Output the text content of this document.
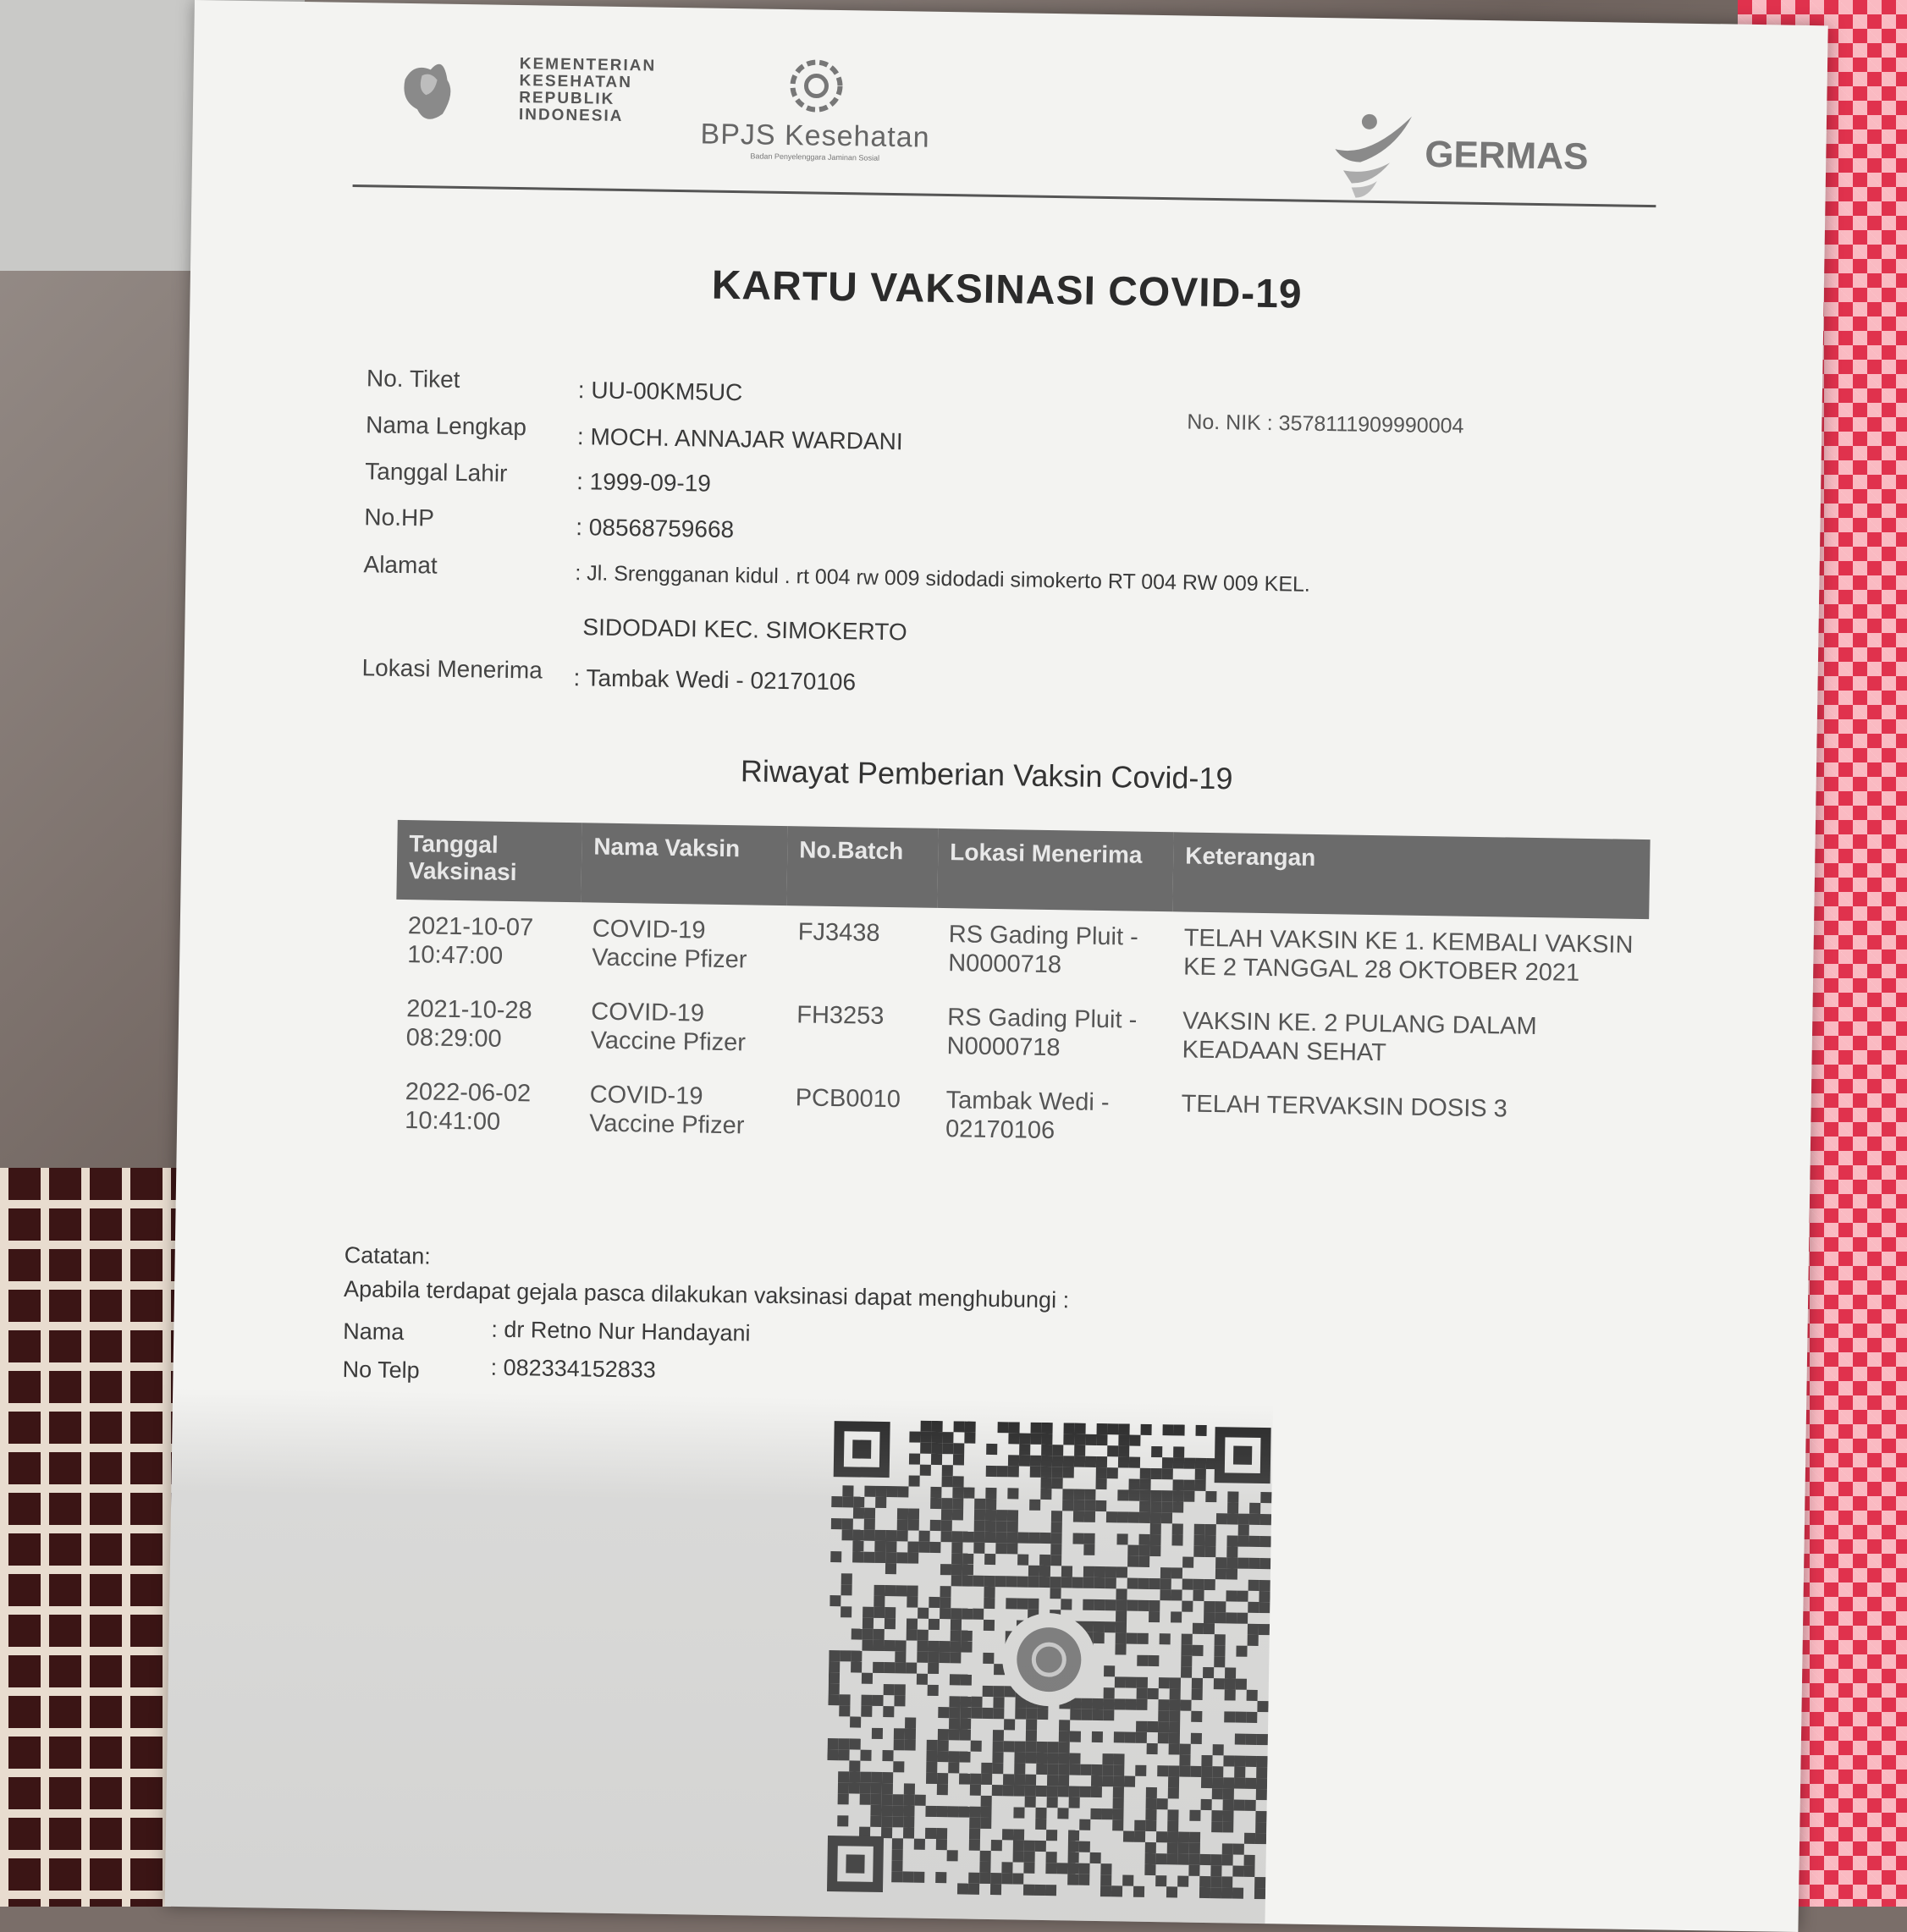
KEMENTERIAN
KESEHATAN
REPUBLIK
INDONESIA
BPJS Kesehatan
Badan Penyelenggara Jaminan Sosial	GERMAS
KARTU VAKSINASI COVID-19
No. Tiket	: UU-00KM5UC
Nama Lengkap : MOCH. ANNAJAR WARDANI
No. NIK : 3578111909990004
Tanggal Lahir	: 1999-09-19
No.HP	: 08568759668
Alamat	: Jl. Srengganan kidul . rt 004 rw 009 sidodadi simokerto RT 004 RW 009 KEL.
SIDODADI KEC. SIMOKERTO
Lokasi Menerima : Tambak Wedi - 02170106
Riwayat Pemberian Vaksin Covid-19
Tanggal Vaksinasi	Nama Vaksin	No.Batch	Lokasi Menerima	Keterangan
2021-10-07 10:47:00	COVID-19 Vaccine Pfizer	FJ3438	RS Gading Pluit - N0000718	TELAH VAKSIN KE 1. KEMBALI VAKSIN KE 2 TANGGAL 28 OKTOBER 2021
2021-10-28 08:29:00	COVID-19 Vaccine Pfizer	FH3253	RS Gading Pluit - N0000718	VAKSIN KE. 2 PULANG DALAM KEADAAN SEHAT
2022-06-02 10:41:00	COVID-19 Vaccine Pfizer	PCB0010	Tambak Wedi - 02170106	TELAH TERVAKSIN DOSIS 3
Catatan:
Apabila terdapat gejala pasca dilakukan vaksinasi dapat menghubungi :
Nama	: dr Retno Nur Handayani
No Telp	: 082334152833
